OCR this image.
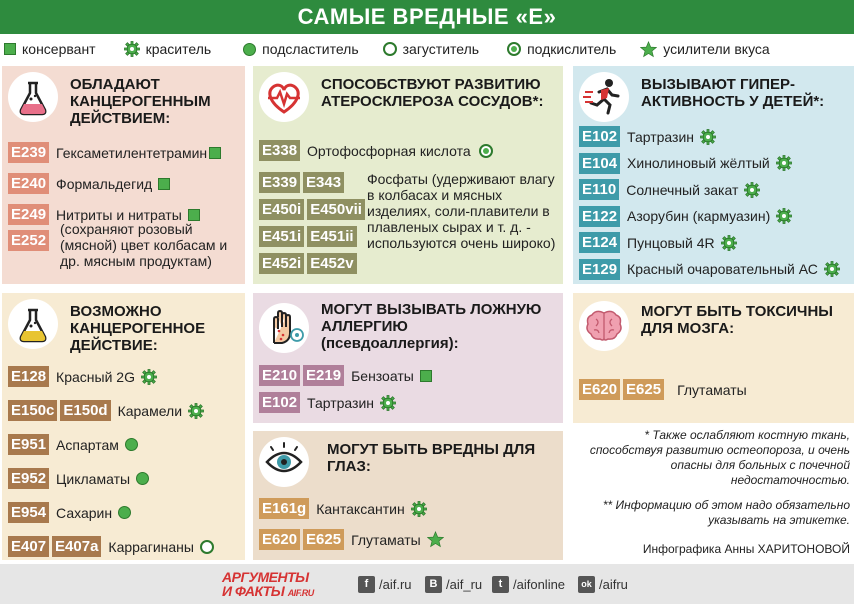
САМЫЕ ВРЕДНЫЕ «Е»
консервант	краситель	подсластитель	загуститель	подкислитель	усилители вкуса
ОБЛАДАЮТ КАНЦЕРОГЕННЫМ ДЕЙСТВИЕМ:
E239 Гексаметилентетрамин
E240 Формальдегид
E249 Нитриты и нитраты
E252
(сохраняют розовый (мясной) цвет колбасам и др. мясным продуктам)
СПОСОБСТВУЮТ РАЗВИТИЮ АТЕРОСКЛЕРОЗА СОСУДОВ*:
E338 Ортофосфорная кислота
E339 E343
E450i E450vii
E451i E451ii
E452i E452v
Фосфаты (удерживают влагу в колбасах и мясных изделиях, соли-плавители в плавленых сырах и т. д. - используются очень широко)
ВЫЗЫВАЮТ ГИПЕР-АКТИВНОСТЬ У ДЕТЕЙ*:
E102 Тартразин
E104 Хинолиновый жёлтый
E110 Солнечный закат
E122 Азорубин (кармуазин)
E124 Пунцовый 4R
E129 Красный очаровательный АС
ВОЗМОЖНО КАНЦЕРОГЕННОЕ ДЕЙСТВИЕ:
E128 Красный 2G
E150c E150d Карамели
E951 Аспартам
E952 Цикламаты
E954 Сахарин
E407 E407a Каррагинаны
МОГУТ ВЫЗЫВАТЬ ЛОЖНУЮ АЛЛЕРГИЮ
(псевдоаллергия):
E210 E219 Бензоаты
E102 Тартразин
МОГУТ БЫТЬ ТОКСИЧНЫ ДЛЯ МОЗГА:
E620 E625 Глутаматы
МОГУТ БЫТЬ ВРЕДНЫ ДЛЯ ГЛАЗ:
E161g Кантаксантин
E620 E625 Глутаматы
* Также ослабляют костную ткань, способствуя развитию остеопороза, и очень опасны для больных с почечной недостаточностью.
** Информацию об этом надо обязательно указывать на этикетке.
Инфографика Анны ХАРИТОНОВОЙ
АРГУМЕНТЫ
И ФАКТЫ AIF.RU
f /aif.ru	В /aif_ru	t /aifonline	ok /aifru
